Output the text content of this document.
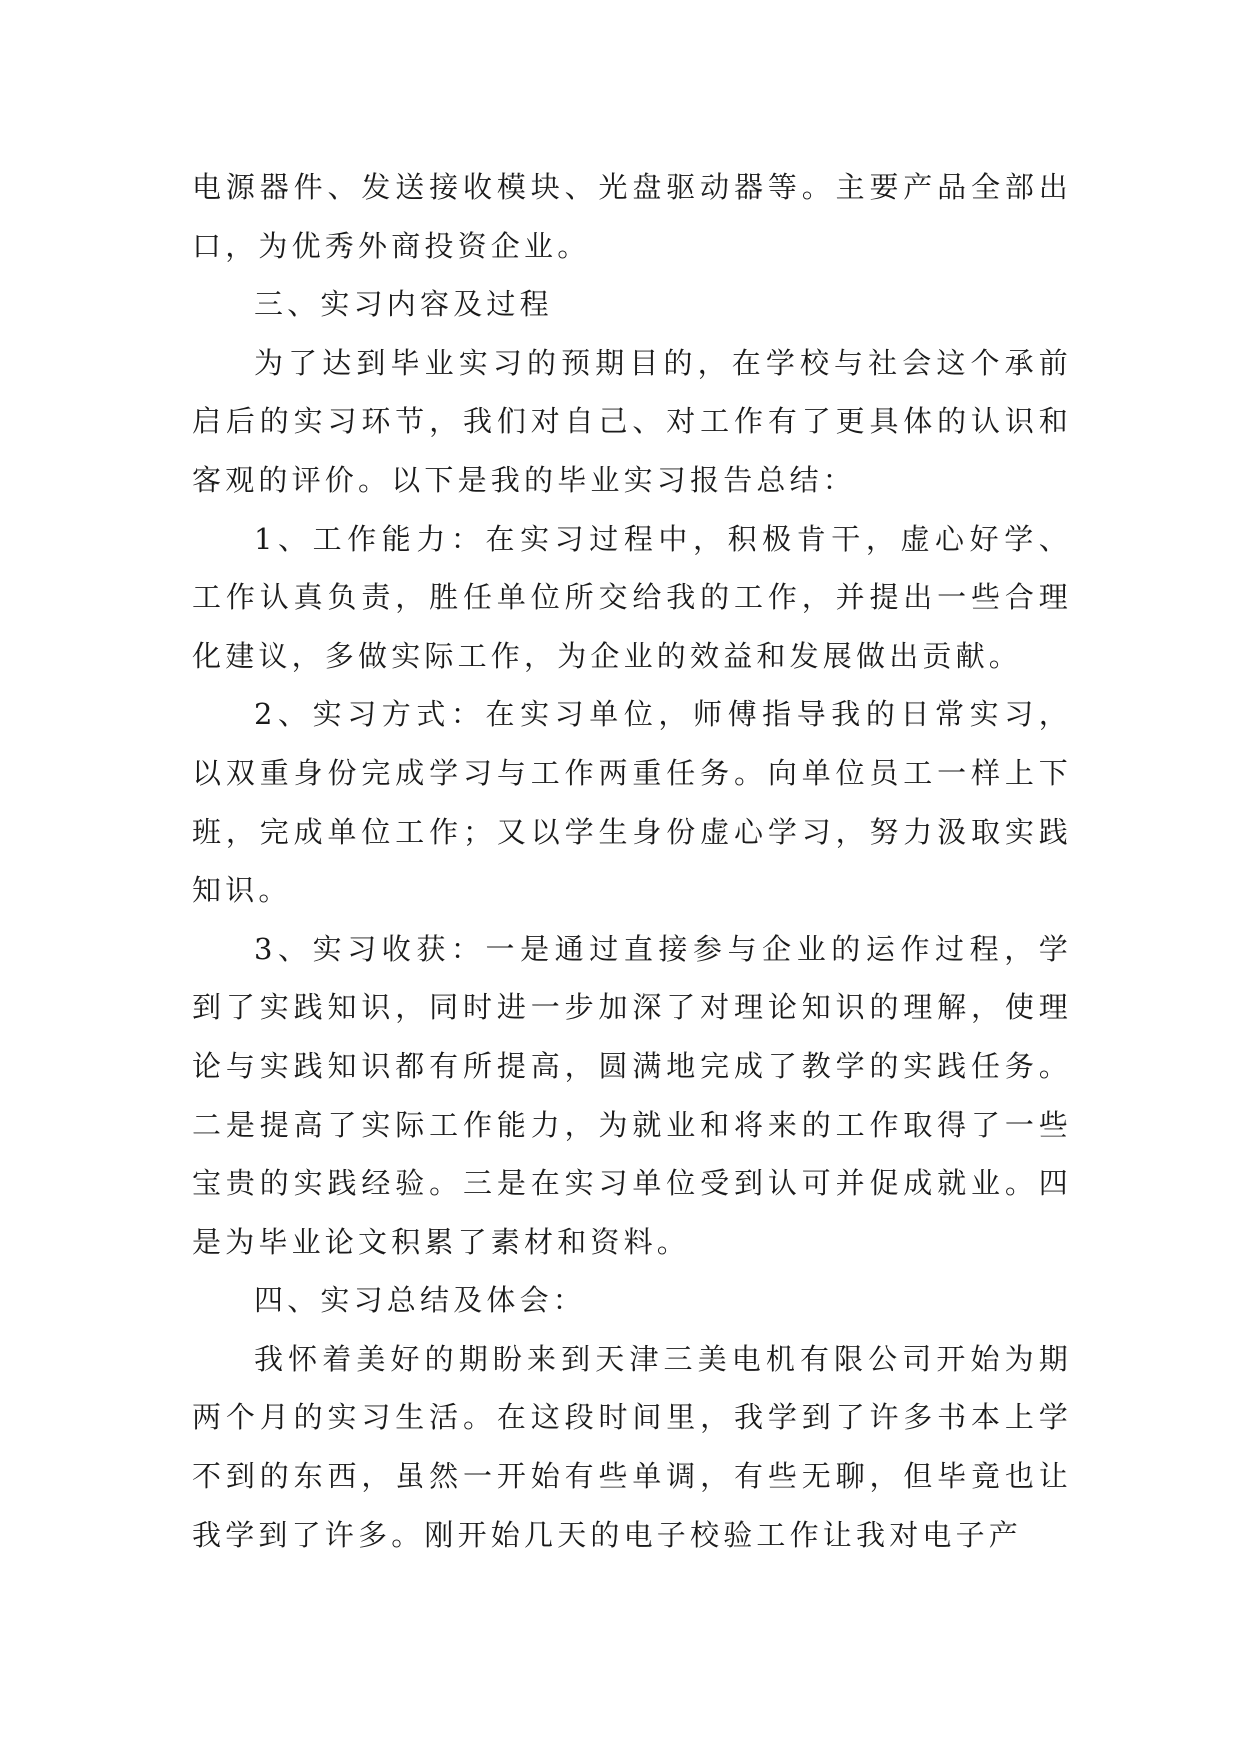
电源器件、发送接收模块、光盘驱动器等。主要产品全部出口，为优秀外商投资企业。

三、实习内容及过程

为了达到毕业实习的预期目的，在学校与社会这个承前启后的实习环节，我们对自己、对工作有了更具体的认识和客观的评价。以下是我的毕业实习报告总结：

1、工作能力：在实习过程中，积极肯干，虚心好学、工作认真负责，胜任单位所交给我的工作，并提出一些合理化建议，多做实际工作，为企业的效益和发展做出贡献。

2、实习方式：在实习单位，师傅指导我的日常实习，以双重身份完成学习与工作两重任务。向单位员工一样上下班，完成单位工作；又以学生身份虚心学习，努力汲取实践知识。

3、实习收获：一是通过直接参与企业的运作过程，学到了实践知识，同时进一步加深了对理论知识的理解，使理论与实践知识都有所提高，圆满地完成了教学的实践任务。二是提高了实际工作能力，为就业和将来的工作取得了一些宝贵的实践经验。三是在实习单位受到认可并促成就业。四是为毕业论文积累了素材和资料。

四、实习总结及体会：

我怀着美好的期盼来到天津三美电机有限公司开始为期两个月的实习生活。在这段时间里，我学到了许多书本上学不到的东西，虽然一开始有些单调，有些无聊，但毕竟也让我学到了许多。刚开始几天的电子校验工作让我对电子产
